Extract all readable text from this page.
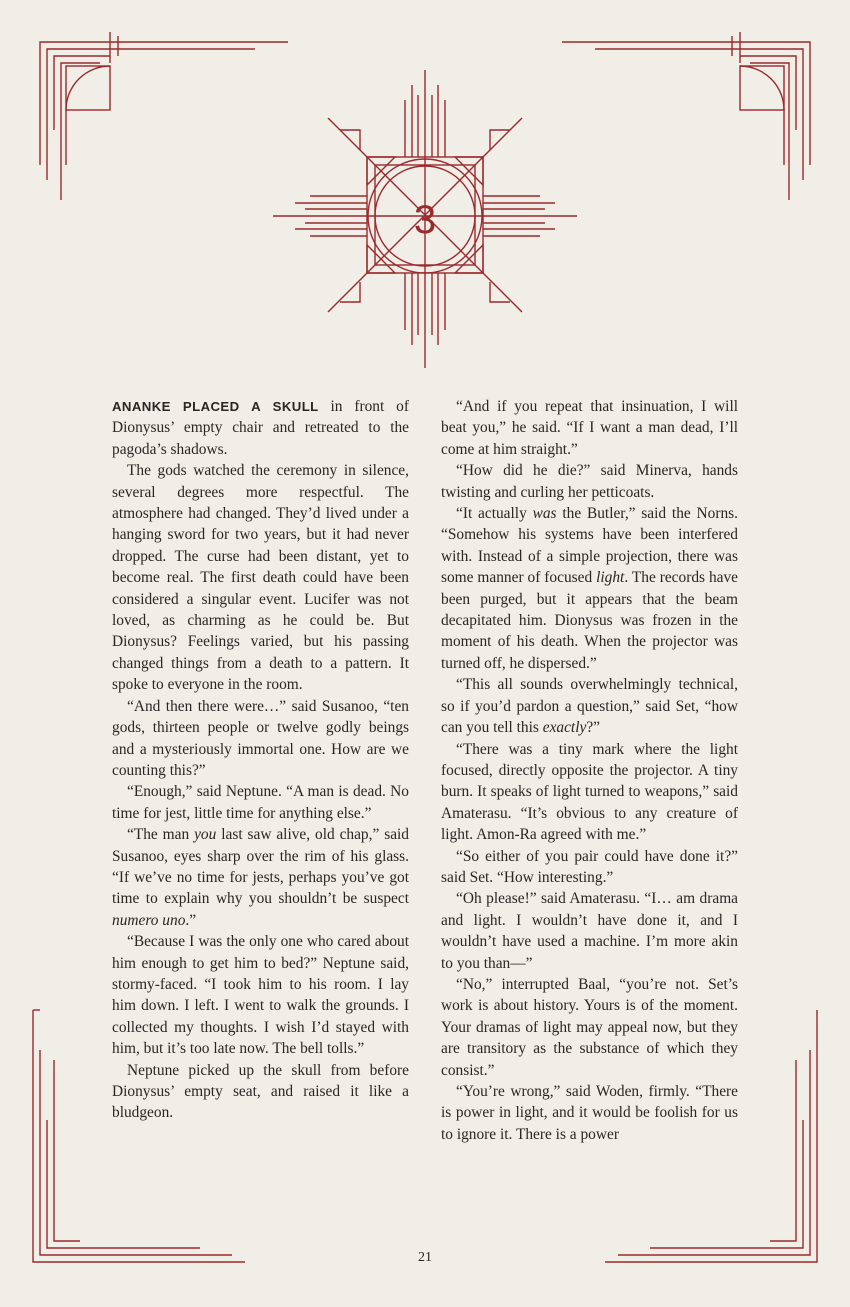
3

ANANKE PLACED A SKULL in front of Dionysus’ empty chair and retreated to the pagoda’s shadows.

The gods watched the ceremony in silence, several degrees more respectful. The atmosphere had changed. They’d lived under a hanging sword for two years, but it had never dropped. The curse had been distant, yet to become real. The first death could have been considered a singular event. Lucifer was not loved, as charming as he could be. But Dionysus? Feelings varied, but his passing changed things from a death to a pattern. It spoke to everyone in the room.

“And then there were…” said Susanoo, “ten gods, thirteen people or twelve godly beings and a mysteriously immortal one. How are we counting this?”

“Enough,” said Neptune. “A man is dead. No time for jest, little time for anything else.”

“The man you last saw alive, old chap,” said Susanoo, eyes sharp over the rim of his glass. “If we’ve no time for jests, perhaps you’ve got time to explain why you shouldn’t be suspect numero uno.”

“Because I was the only one who cared about him enough to get him to bed?” Neptune said, stormy-faced. “I took him to his room. I lay him down. I left. I went to walk the grounds. I collected my thoughts. I wish I’d stayed with him, but it’s too late now. The bell tolls.”

Neptune picked up the skull from before Dionysus’ empty seat, and raised it like a bludgeon.

“And if you repeat that insinuation, I will beat you,” he said. “If I want a man dead, I’ll come at him straight.”

“How did he die?” said Minerva, hands twisting and curling her petticoats.

“It actually was the Butler,” said the Norns. “Somehow his systems have been interfered with. Instead of a simple projection, there was some manner of focused light. The records have been purged, but it appears that the beam decapitated him. Dionysus was frozen in the moment of his death. When the projector was turned off, he dispersed.”

“This all sounds overwhelmingly technical, so if you’d pardon a question,” said Set, “how can you tell this exactly?”

“There was a tiny mark where the light focused, directly opposite the projector. A tiny burn. It speaks of light turned to weapons,” said Amaterasu. “It’s obvious to any creature of light. Amon-Ra agreed with me.”

“So either of you pair could have done it?” said Set. “How interesting.”

“Oh please!” said Amaterasu. “I… am drama and light. I wouldn’t have done it, and I wouldn’t have used a machine. I’m more akin to you than—”

“No,” interrupted Baal, “you’re not. Set’s work is about history. Yours is of the moment. Your dramas of light may appeal now, but they are transitory as the substance of which they consist.”

“You’re wrong,” said Woden, firmly. “There is power in light, and it would be foolish for us to ignore it. There is a power

21
